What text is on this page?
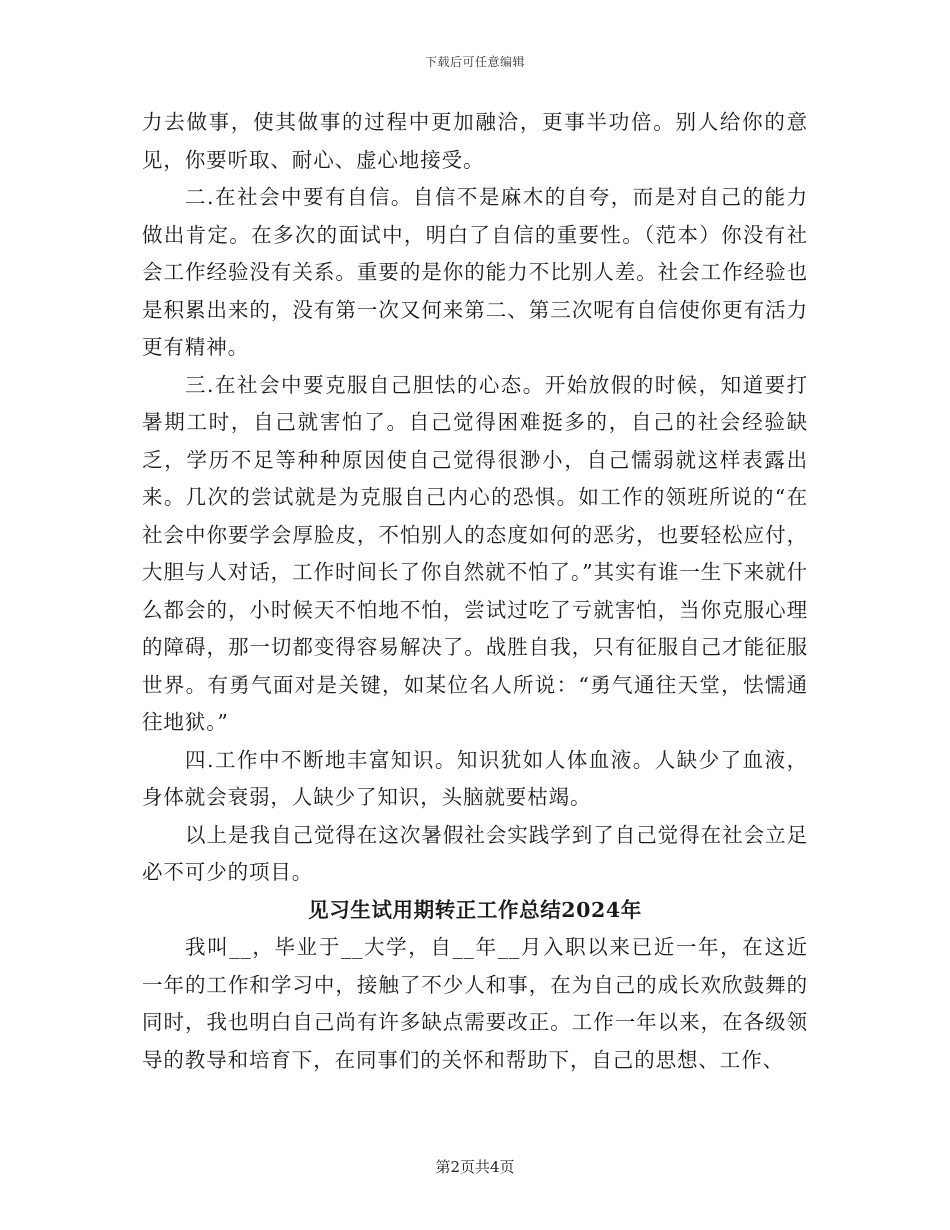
下载后可任意编辑

力去做事，使其做事的过程中更加融洽，更事半功倍。别人给你的意见，你要听取、耐心、虚心地接受。

二.在社会中要有自信。自信不是麻木的自夸，而是对自己的能力做出肯定。在多次的面试中，明白了自信的重要性。（范本）你没有社会工作经验没有关系。重要的是你的能力不比别人差。社会工作经验也是积累出来的，没有第一次又何来第二、第三次呢有自信使你更有活力更有精神。

三.在社会中要克服自己胆怯的心态。开始放假的时候，知道要打暑期工时，自己就害怕了。自己觉得困难挺多的，自己的社会经验缺乏，学历不足等种种原因使自己觉得很渺小，自己懦弱就这样表露出来。几次的尝试就是为克服自己内心的恐惧。如工作的领班所说的“在社会中你要学会厚脸皮，不怕别人的态度如何的恶劣，也要轻松应付，大胆与人对话，工作时间长了你自然就不怕了。”其实有谁一生下来就什么都会的，小时候天不怕地不怕，尝试过吃了亏就害怕，当你克服心理的障碍，那一切都变得容易解决了。战胜自我，只有征服自己才能征服世界。有勇气面对是关键，如某位名人所说：“勇气通往天堂，怯懦通往地狱。”

四.工作中不断地丰富知识。知识犹如人体血液。人缺少了血液，身体就会衰弱，人缺少了知识，头脑就要枯竭。

以上是我自己觉得在这次暑假社会实践学到了自己觉得在社会立足必不可少的项目。

见习生试用期转正工作总结2024年

我叫__，毕业于__大学，自__年__月入职以来已近一年，在这近一年的工作和学习中，接触了不少人和事，在为自己的成长欢欣鼓舞的同时，我也明白自己尚有许多缺点需要改正。工作一年以来，在各级领导的教导和培育下，在同事们的关怀和帮助下，自己的思想、工作、

第2页共4页
